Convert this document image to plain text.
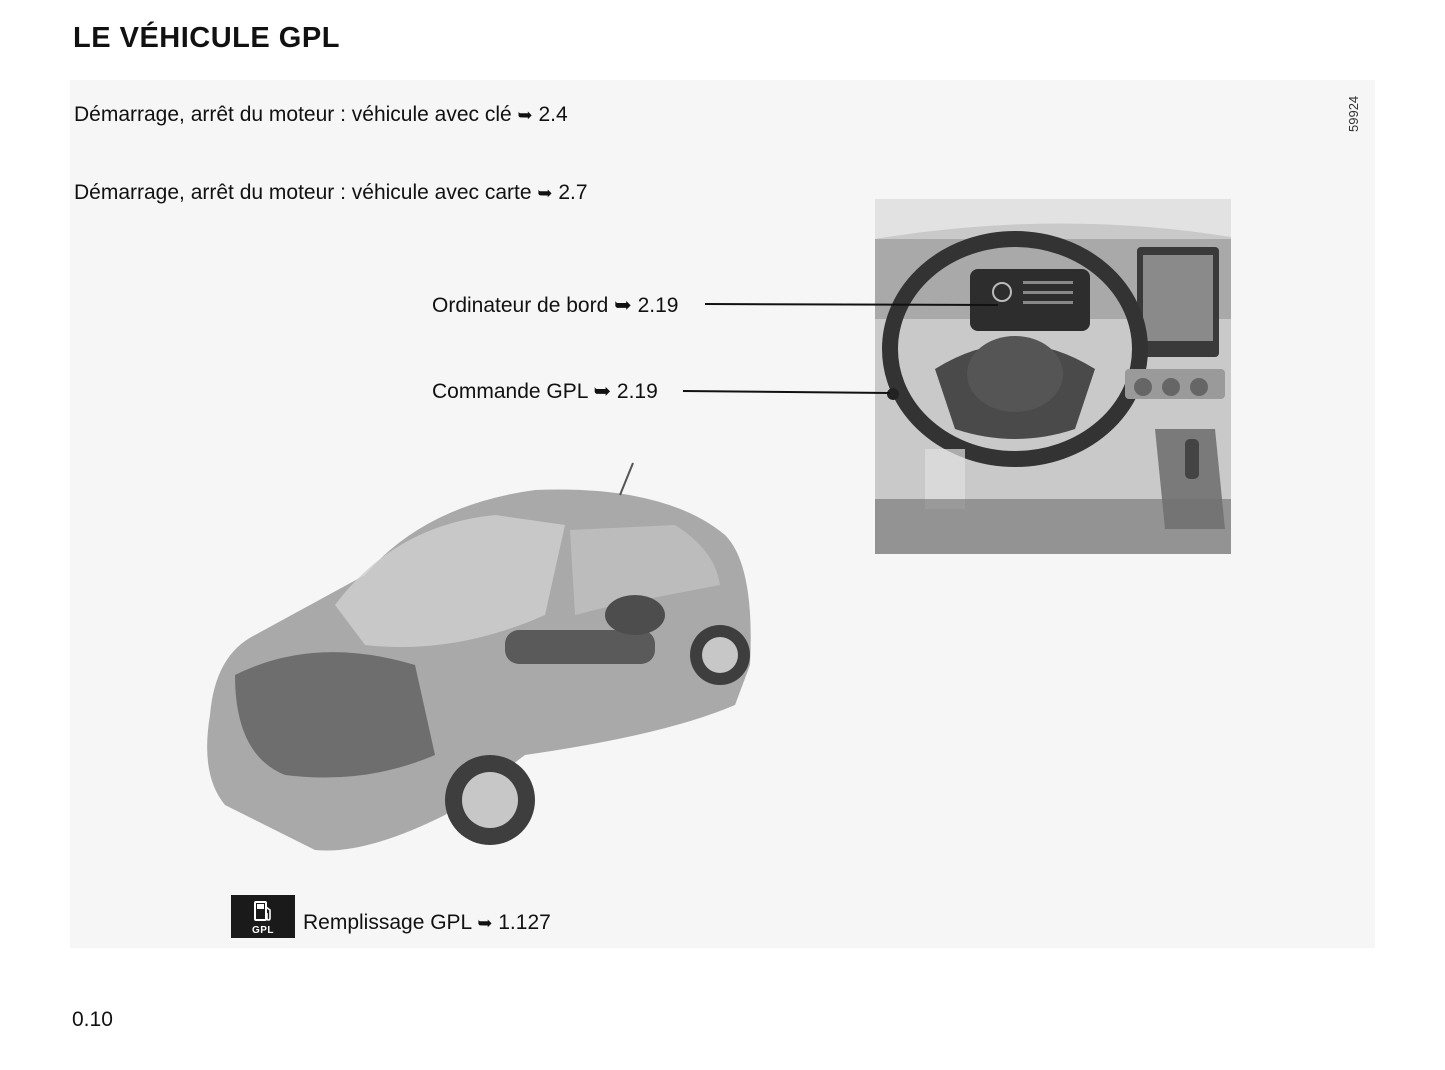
LE VÉHICULE GPL
59924
Démarrage, arrêt du moteur : véhicule avec clé ➥ 2.4
Démarrage, arrêt du moteur : véhicule avec carte ➥ 2.7
Ordinateur de bord ➥ 2.19
Commande GPL ➥ 2.19
GPL	Remplissage GPL ➥ 1.127
0.10
